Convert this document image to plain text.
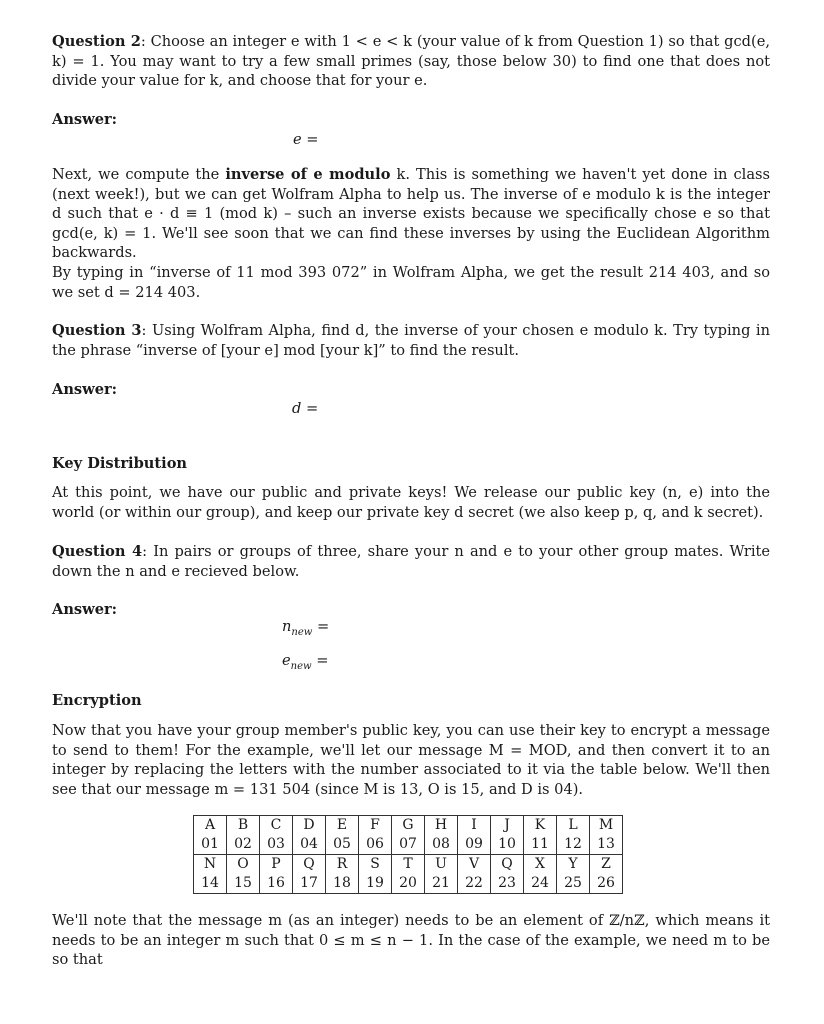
Question 2: Choose an integer e with 1 < e < k (your value of k from Question 1) so that gcd(e, k) = 1. You may want to try a few small primes (say, those below 30) to find one that does not divide your value for k, and choose that for your e.
Answer:
e =
Next, we compute the inverse of e modulo k. This is something we haven't yet done in class (next week!), but we can get Wolfram Alpha to help us. The inverse of e modulo k is the integer d such that e · d ≡ 1 (mod k) – such an inverse exists because we specifically chose e so that gcd(e, k) = 1. We'll see soon that we can find these inverses by using the Euclidean Algorithm backwards.
By typing in “inverse of 11 mod 393 072” in Wolfram Alpha, we get the result 214 403, and so we set d = 214 403.
Question 3: Using Wolfram Alpha, find d, the inverse of your chosen e modulo k. Try typing in the phrase “inverse of [your e] mod [your k]” to find the result.
Answer:
d =
Key Distribution
At this point, we have our public and private keys! We release our public key (n, e) into the world (or within our group), and keep our private key d secret (we also keep p, q, and k secret).
Question 4: In pairs or groups of three, share your n and e to your other group mates. Write down the n and e recieved below.
Answer:
$n_{new}$ =
$e_{new}$ =
Encryption
Now that you have your group member's public key, you can use their key to encrypt a message to send to them! For the example, we'll let our message M = MOD, and then convert it to an integer by replacing the letters with the number associated to it via the table below. We'll then see that our message m = 131 504 (since M is 13, O is 15, and D is 04).
A	B	C	D	E	F	G	H	I	J	K	L	M
01	02	03	04	05	06	07	08	09	10	11	12	13
N	O	P	Q	R	S	T	U	V	Q	X	Y	Z
14	15	16	17	18	19	20	21	22	23	24	25	26
We'll note that the message m (as an integer) needs to be an element of ℤ/nℤ, which means it needs to be an integer m such that 0 ≤ m ≤ n − 1. In the case of the example, we need m to be so that
